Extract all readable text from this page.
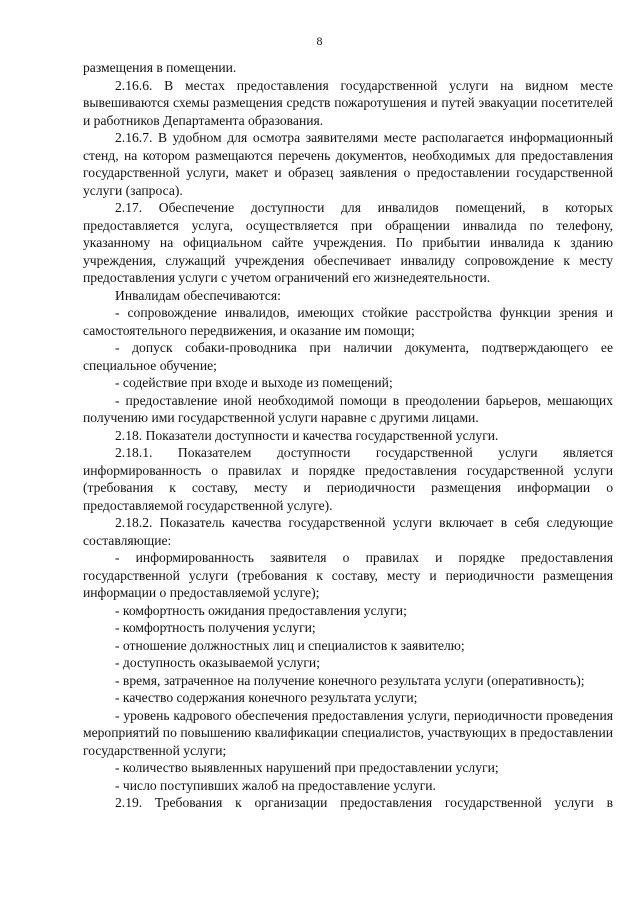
8

размещения в помещении.

2.16.6. В местах предоставления государственной услуги на видном месте вывешиваются схемы размещения средств пожаротушения и путей эвакуации посетителей и работников Департамента образования.

2.16.7. В удобном для осмотра заявителями месте располагается информационный стенд, на котором размещаются перечень документов, необходимых для предоставления государственной услуги, макет и образец заявления о предоставлении государственной услуги (запроса).

2.17. Обеспечение доступности для инвалидов помещений, в которых предоставляется услуга, осуществляется при обращении инвалида по телефону, указанному на официальном сайте учреждения. По прибытии инвалида к зданию учреждения, служащий учреждения обеспечивает инвалиду сопровождение к месту предоставления услуги с учетом ограничений его жизнедеятельности.

Инвалидам обеспечиваются:

- сопровождение инвалидов, имеющих стойкие расстройства функции зрения и самостоятельного передвижения, и оказание им помощи;

- допуск собаки-проводника при наличии документа, подтверждающего ее специальное обучение;

- содействие при входе и выходе из помещений;

- предоставление иной необходимой помощи в преодолении барьеров, мешающих получению ими государственной услуги наравне с другими лицами.

2.18. Показатели доступности и качества государственной услуги.

2.18.1. Показателем доступности государственной услуги является информированность о правилах и порядке предоставления государственной услуги (требования к составу, месту и периодичности размещения информации о предоставляемой государственной услуге).

2.18.2. Показатель качества государственной услуги включает в себя следующие составляющие:

- информированность заявителя о правилах и порядке предоставления государственной услуги (требования к составу, месту и периодичности размещения информации о предоставляемой услуге);

- комфортность ожидания предоставления услуги;

- комфортность получения услуги;

- отношение должностных лиц и специалистов к заявителю;

- доступность оказываемой услуги;

- время, затраченное на получение конечного результата услуги (оперативность);

- качество содержания конечного результата услуги;

- уровень кадрового обеспечения предоставления услуги, периодичности проведения мероприятий по повышению квалификации специалистов, участвующих в предоставлении государственной услуги;

- количество выявленных нарушений при предоставлении услуги;

- число поступивших жалоб на предоставление услуги.

2.19. Требования к организации предоставления государственной услуги в
